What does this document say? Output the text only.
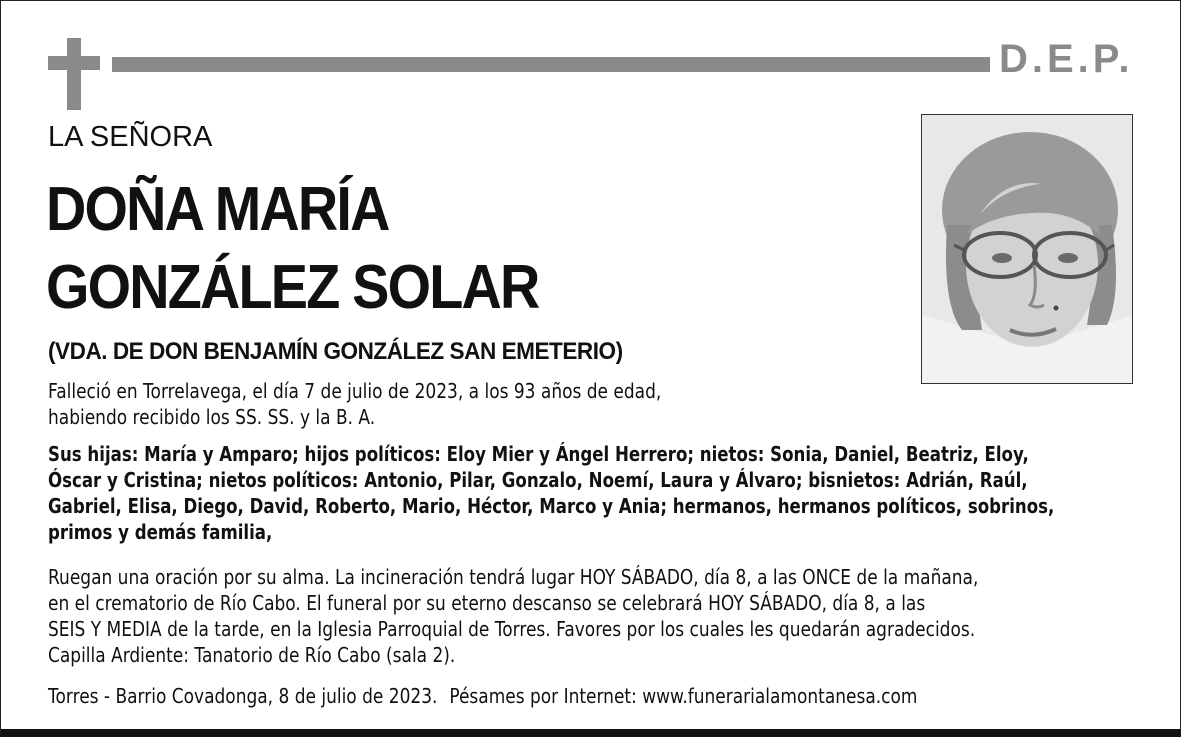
D.E.P.
LA SEÑORA
DOÑA MARÍA
GONZÁLEZ SOLAR
(VDA. DE DON BENJAMÍN GONZÁLEZ SAN EMETERIO)
Falleció en Torrelavega, el día 7 de julio de 2023, a los 93 años de edad,
habiendo recibido los SS. SS. y la B. A.
Sus hijas: María y Amparo; hijos políticos: Eloy Mier y Ángel Herrero; nietos: Sonia, Daniel, Beatriz, Eloy,
Óscar y Cristina; nietos políticos: Antonio, Pilar, Gonzalo, Noemí, Laura y Álvaro; bisnietos: Adrián, Raúl,
Gabriel, Elisa, Diego, David, Roberto, Mario, Héctor, Marco y Ania; hermanos, hermanos políticos, sobrinos,
primos y demás familia,
Ruegan una oración por su alma. La incineración tendrá lugar HOY SÁBADO, día 8, a las ONCE de la mañana,
en el crematorio de Río Cabo. El funeral por su eterno descanso se celebrará HOY SÁBADO, día 8, a las
SEIS Y MEDIA de la tarde, en la Iglesia Parroquial de Torres. Favores por los cuales les quedarán agradecidos.
Capilla Ardiente: Tanatorio de Río Cabo (sala 2).
Torres - Barrio Covadonga, 8 de julio de 2023. Pésames por Internet: www.funerarialamontanesa.com
